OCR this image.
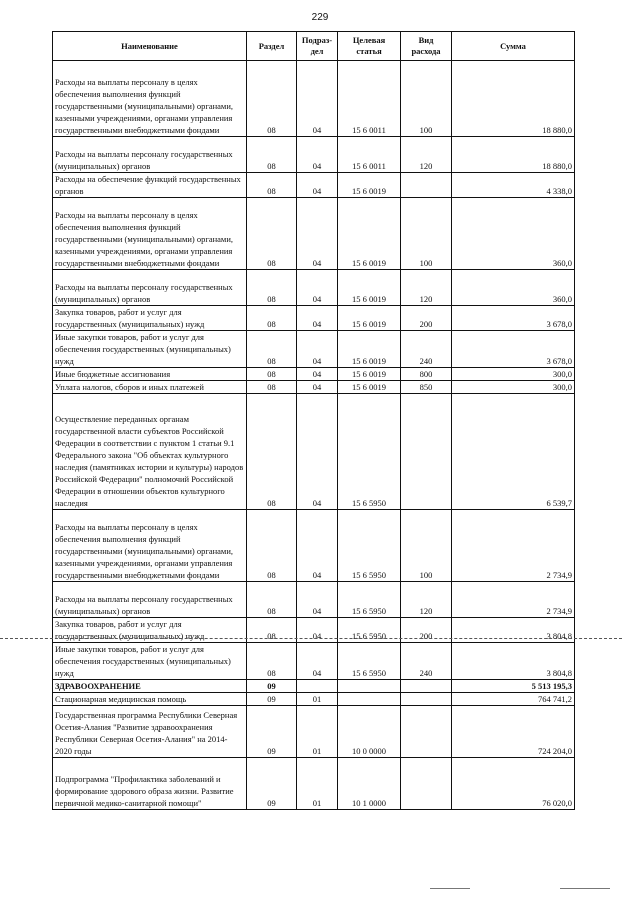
229
Наименование	Раздел	Подраз-дел	Целевая статья	Вид расхода	Сумма
Расходы на выплаты персоналу в целях обеспечения выполнения функций государственными (муниципальными) органами, казенными учреждениями, органами управления государственными внебюджетными фондами	08	04	15 6 0011	100	18 880,0
Расходы на выплаты персоналу государственных (муниципальных) органов	08	04	15 6 0011	120	18 880,0
Расходы на обеспечение функций государственных органов	08	04	15 6 0019		4 338,0
Расходы на выплаты персоналу в целях обеспечения выполнения функций государственными (муниципальными) органами, казенными учреждениями, органами управления государственными внебюджетными фондами	08	04	15 6 0019	100	360,0
Расходы на выплаты персоналу государственных (муниципальных) органов	08	04	15 6 0019	120	360,0
Закупка товаров, работ и услуг для государственных (муниципальных) нужд	08	04	15 6 0019	200	3 678,0
Иные закупки товаров, работ и услуг для обеспечения государственных (муниципальных) нужд	08	04	15 6 0019	240	3 678,0
Иные бюджетные ассигнования	08	04	15 6 0019	800	300,0
Уплата налогов, сборов и иных платежей	08	04	15 6 0019	850	300,0
Осуществление переданных органам государственной власти субъектов Российской Федерации в соответствии с пунктом 1 статьи 9.1 Федерального закона "Об объектах культурного наследия (памятниках истории и культуры) народов Российской Федерации" полномочий Российской Федерации в отношении объектов культурного наследия	08	04	15 6 5950		6 539,7
Расходы на выплаты персоналу в целях обеспечения выполнения функций государственными (муниципальными) органами, казенными учреждениями, органами управления государственными внебюджетными фондами	08	04	15 6 5950	100	2 734,9
Расходы на выплаты персоналу государственных (муниципальных) органов	08	04	15 6 5950	120	2 734,9
Закупка товаров, работ и услуг для государственных (муниципальных) нужд	08	04	15 6 5950	200	3 804,8
Иные закупки товаров, работ и услуг для обеспечения государственных (муниципальных) нужд	08	04	15 6 5950	240	3 804,8
ЗДРАВООХРАНЕНИЕ	09				5 513 195,3
Стационарная медицинская помощь	09	01			764 741,2
Государственная программа Республики Северная Осетия-Алания "Развитие здравоохранения Республики Северная Осетия-Алания" на 2014-2020 годы	09	01	10 0 0000		724 204,0
Подпрограмма "Профилактика заболеваний и формирование здорового образа жизни. Развитие первичной медико-санитарной помощи"	09	01	10 1 0000		76 020,0
